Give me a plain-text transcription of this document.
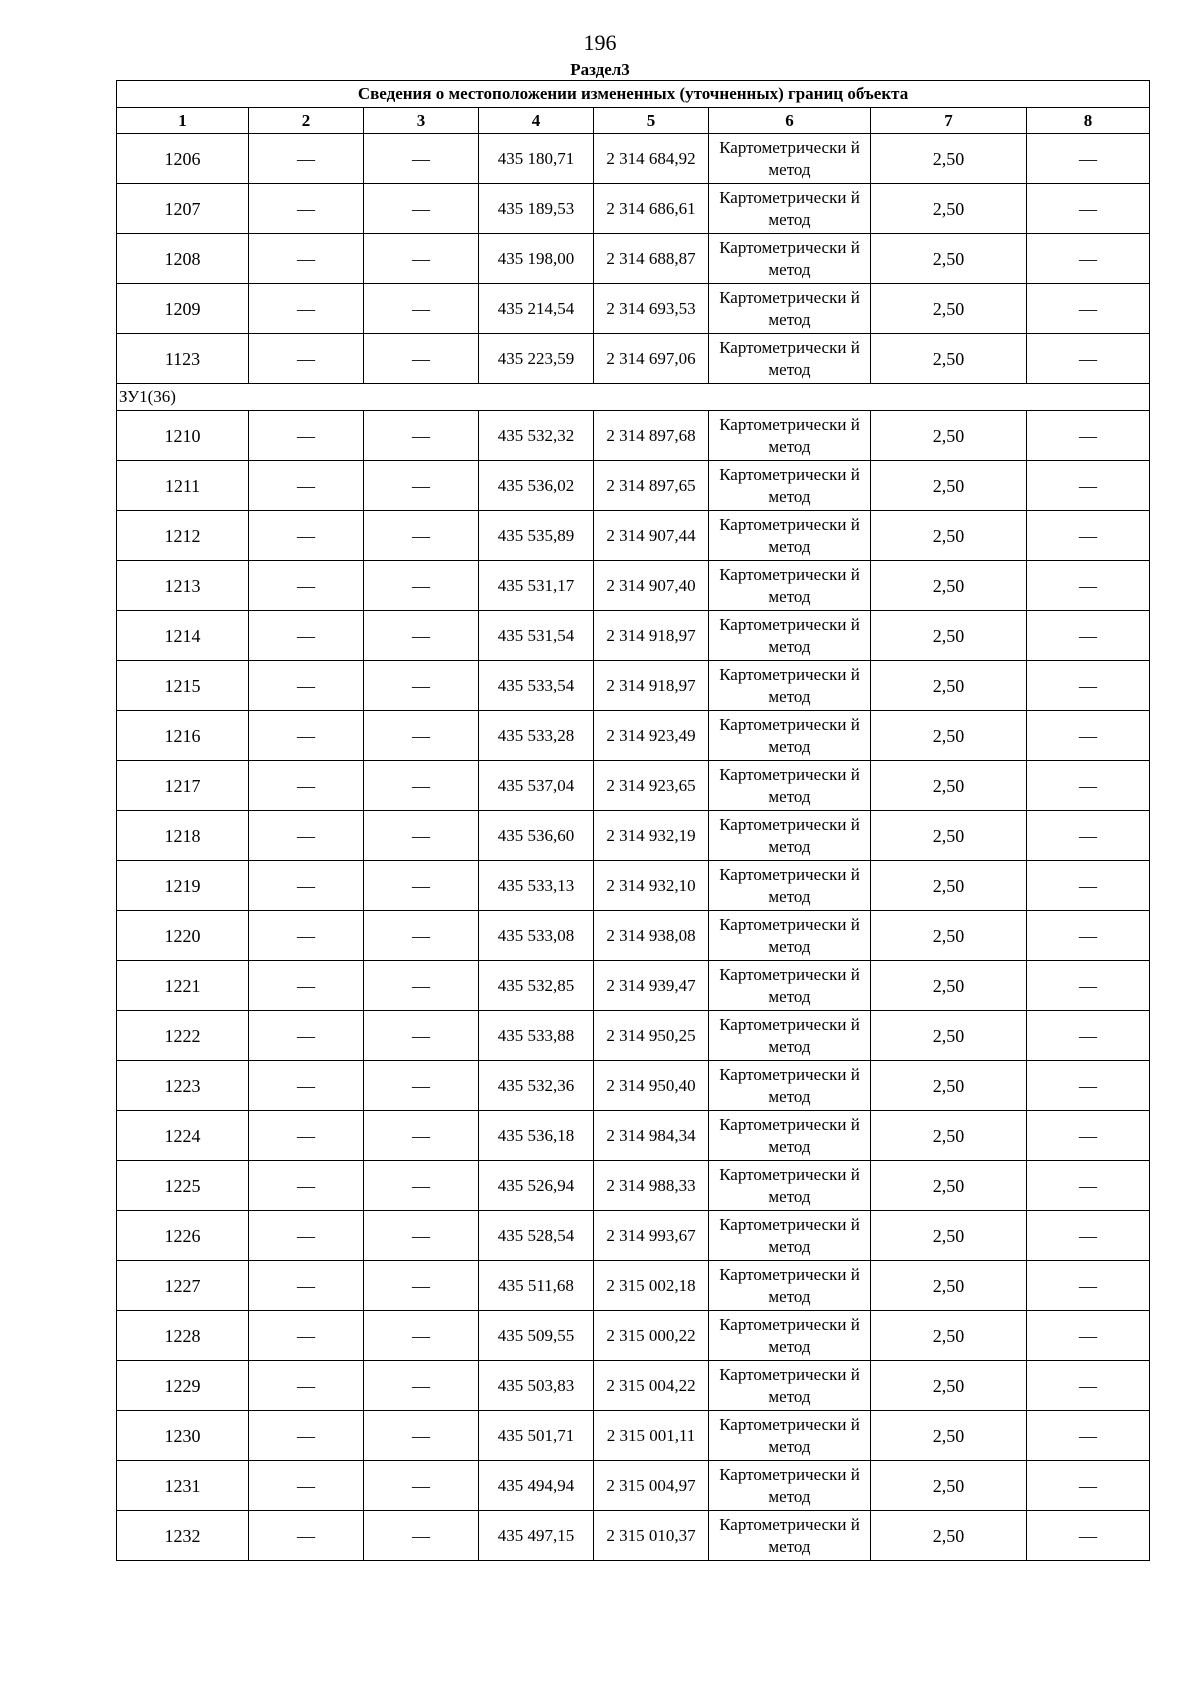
196
Раздел3
Сведения о местоположении измененных (уточненных) границ объекта							
1	2	3	4	5	6	7	8
1206	—	—	435 180,71	2 314 684,92	Картометрически й метод	2,50	—
1207	—	—	435 189,53	2 314 686,61	Картометрически й метод	2,50	—
1208	—	—	435 198,00	2 314 688,87	Картометрически й метод	2,50	—
1209	—	—	435 214,54	2 314 693,53	Картометрически й метод	2,50	—
1123	—	—	435 223,59	2 314 697,06	Картометрически й метод	2,50	—
ЗУ1(36)							
1210	—	—	435 532,32	2 314 897,68	Картометрически й метод	2,50	—
1211	—	—	435 536,02	2 314 897,65	Картометрически й метод	2,50	—
1212	—	—	435 535,89	2 314 907,44	Картометрически й метод	2,50	—
1213	—	—	435 531,17	2 314 907,40	Картометрически й метод	2,50	—
1214	—	—	435 531,54	2 314 918,97	Картометрически й метод	2,50	—
1215	—	—	435 533,54	2 314 918,97	Картометрически й метод	2,50	—
1216	—	—	435 533,28	2 314 923,49	Картометрически й метод	2,50	—
1217	—	—	435 537,04	2 314 923,65	Картометрически й метод	2,50	—
1218	—	—	435 536,60	2 314 932,19	Картометрически й метод	2,50	—
1219	—	—	435 533,13	2 314 932,10	Картометрически й метод	2,50	—
1220	—	—	435 533,08	2 314 938,08	Картометрически й метод	2,50	—
1221	—	—	435 532,85	2 314 939,47	Картометрически й метод	2,50	—
1222	—	—	435 533,88	2 314 950,25	Картометрически й метод	2,50	—
1223	—	—	435 532,36	2 314 950,40	Картометрически й метод	2,50	—
1224	—	—	435 536,18	2 314 984,34	Картометрически й метод	2,50	—
1225	—	—	435 526,94	2 314 988,33	Картометрически й метод	2,50	—
1226	—	—	435 528,54	2 314 993,67	Картометрически й метод	2,50	—
1227	—	—	435 511,68	2 315 002,18	Картометрически й метод	2,50	—
1228	—	—	435 509,55	2 315 000,22	Картометрически й метод	2,50	—
1229	—	—	435 503,83	2 315 004,22	Картометрически й метод	2,50	—
1230	—	—	435 501,71	2 315 001,11	Картометрически й метод	2,50	—
1231	—	—	435 494,94	2 315 004,97	Картометрически й метод	2,50	—
1232	—	—	435 497,15	2 315 010,37	Картометрически й метод	2,50	—
